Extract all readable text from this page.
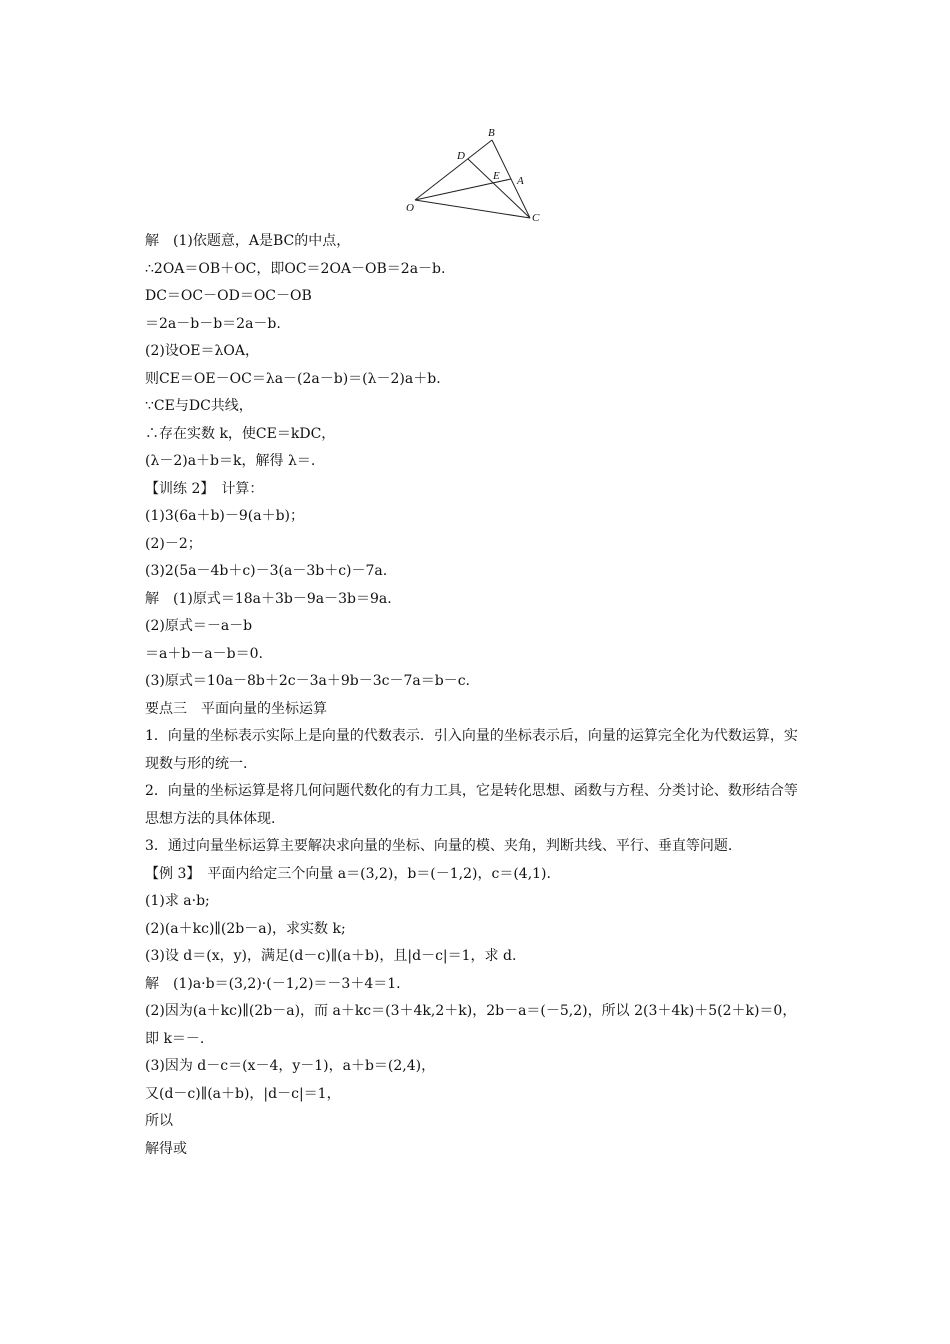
B
D
E A
O
C
解　(1)依题意，A是BC的中点，
∴2OA＝OB＋OC，即OC＝2OA－OB＝2a－b.
DC＝OC－OD＝OC－OB
＝2a－b－b＝2a－b.
(2)设OE＝λOA，
则CE＝OE－OC＝λa－(2a－b)＝(λ－2)a＋b.
∵CE与DC共线，
∴存在实数 k，使CE＝kDC，
(λ－2)a＋b＝k，解得 λ＝.
【训练 2】　计算：
(1)3(6a＋b)－9(a＋b)；
(2)－2；
(3)2(5a－4b＋c)－3(a－3b＋c)－7a.
解　(1)原式＝18a＋3b－9a－3b＝9a.
(2)原式＝－a－b
＝a＋b－a－b＝0.
(3)原式＝10a－8b＋2c－3a＋9b－3c－7a＝b－c.
要点三　平面向量的坐标运算
1．向量的坐标表示实际上是向量的代数表示．引入向量的坐标表示后，向量的运算完全化为代数运算，实现数与形的统一.
2．向量的坐标运算是将几何问题代数化的有力工具，它是转化思想、函数与方程、分类讨论、数形结合等思想方法的具体体现.
3．通过向量坐标运算主要解决求向量的坐标、向量的模、夹角，判断共线、平行、垂直等问题.
【例 3】　平面内给定三个向量 a＝(3,2)，b＝(－1,2)，c＝(4,1).
(1)求 a·b;
(2)(a＋kc)∥(2b－a)，求实数 k;
(3)设 d＝(x，y)，满足(d－c)∥(a＋b)，且|d－c|＝1，求 d.
解　(1)a·b＝(3,2)·(－1,2)＝－3＋4＝1.
(2)因为(a＋kc)∥(2b－a)，而 a＋kc＝(3＋4k,2＋k)，2b－a＝(－5,2)，所以 2(3＋4k)＋5(2＋k)＝0，即 k＝－.
(3)因为 d－c＝(x－4，y－1)，a＋b＝(2,4)，
又(d－c)∥(a＋b)，|d－c|＝1，
所以
解得或
